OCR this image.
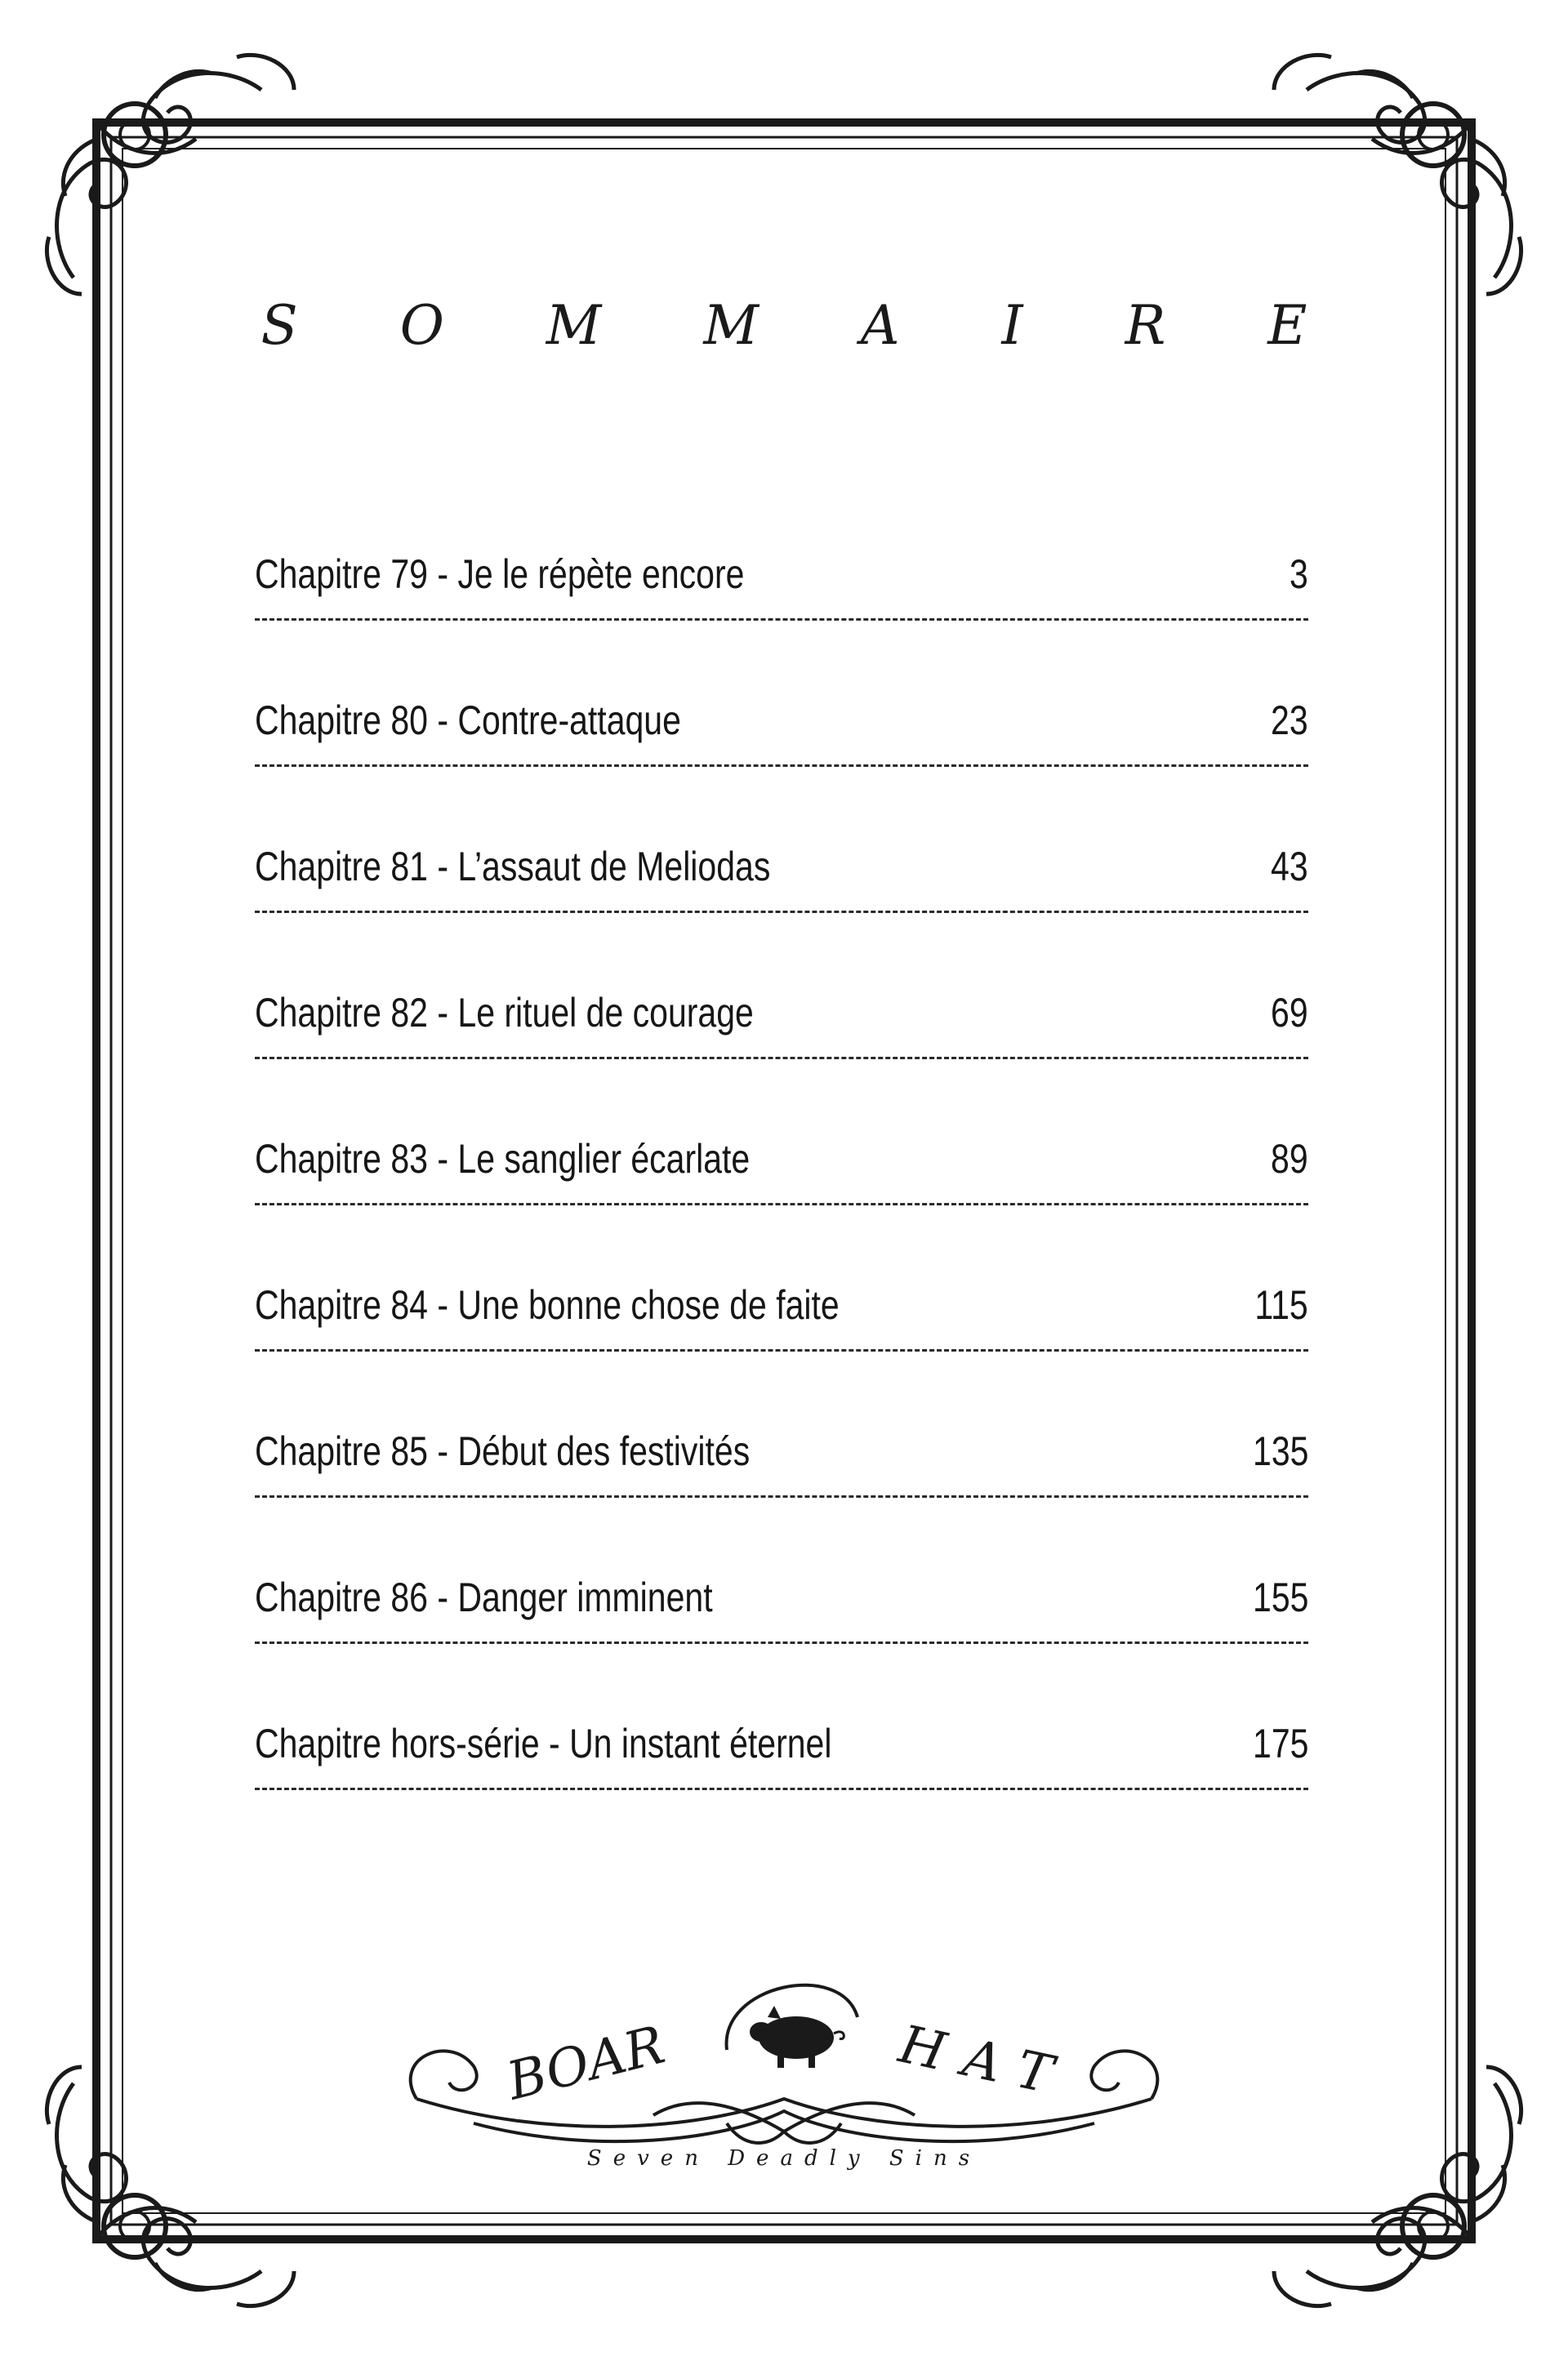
S O M M A I R E
Chapitre 79 - Je le répète encore	3
Chapitre 80 - Contre-attaque	23
Chapitre 81 - L’assaut de Meliodas	43
Chapitre 82 - Le rituel de courage	69
Chapitre 83 - Le sanglier écarlate	89
Chapitre 84 - Une bonne chose de faite	115
Chapitre 85 - Début des festivités	135
Chapitre 86 - Danger imminent	155
Chapitre hors-série - Un instant éternel	175
BOAR	HAT
Seven Deadly Sins
